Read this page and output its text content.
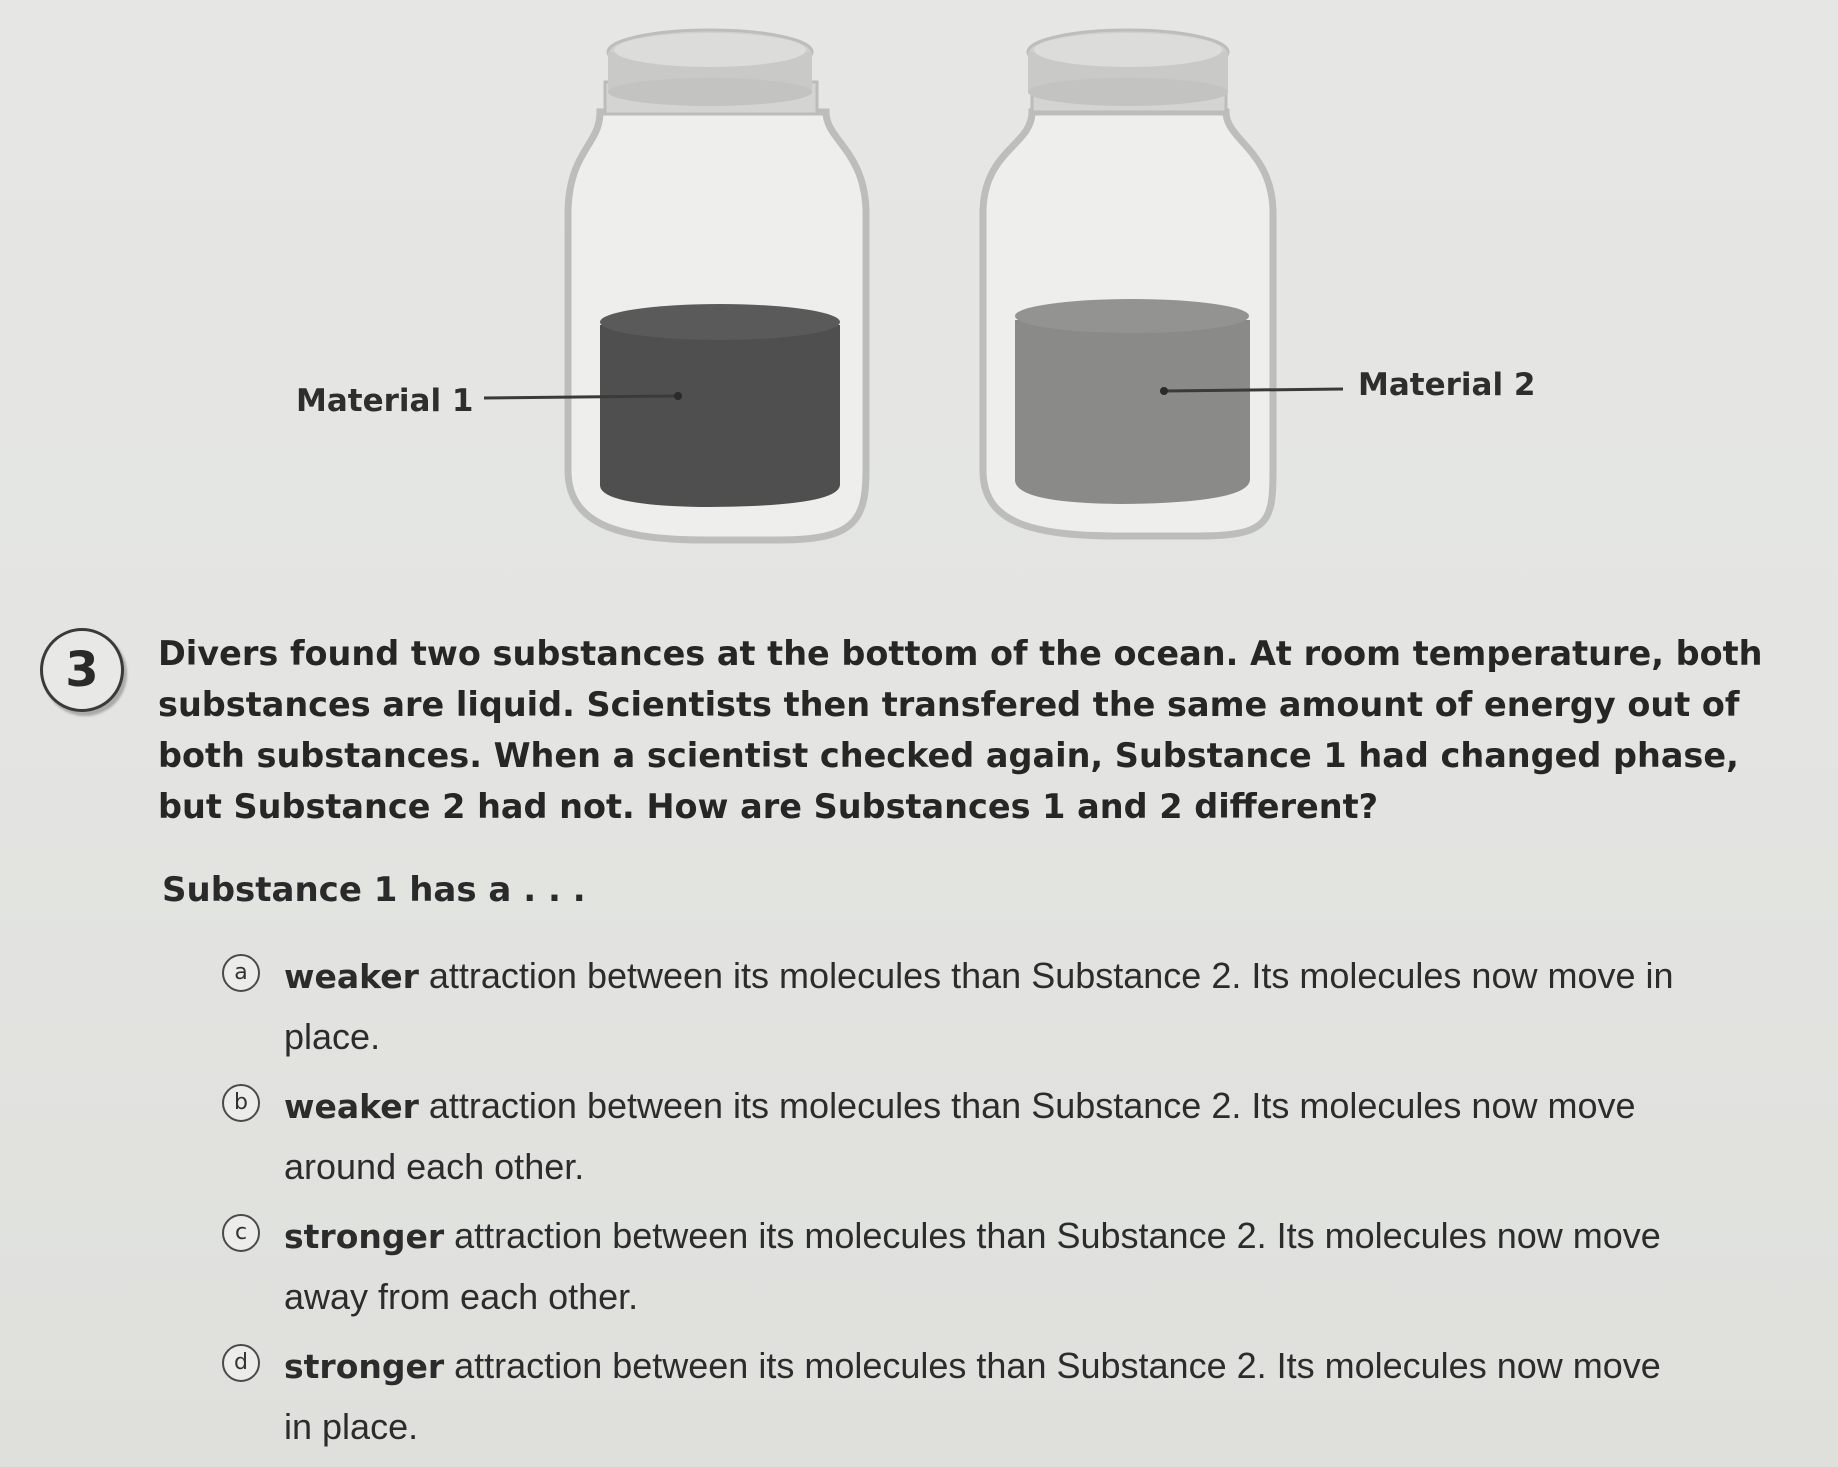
Material 1	Material 2
3	Divers found two substances at the bottom of the ocean. At room temperature, both substances are liquid. Scientists then transfered the same amount of energy out of both substances. When a scientist checked again, Substance 1 had changed phase, but Substance 2 had not. How are Substances 1 and 2 different?

Substance 1 has a . . .
a	weaker attraction between its molecules than Substance 2. Its molecules now move in place.
b	weaker attraction between its molecules than Substance 2. Its molecules now move around each other.
c	stronger attraction between its molecules than Substance 2. Its molecules now move away from each other.
d	stronger attraction between its molecules than Substance 2. Its molecules now move in place.
